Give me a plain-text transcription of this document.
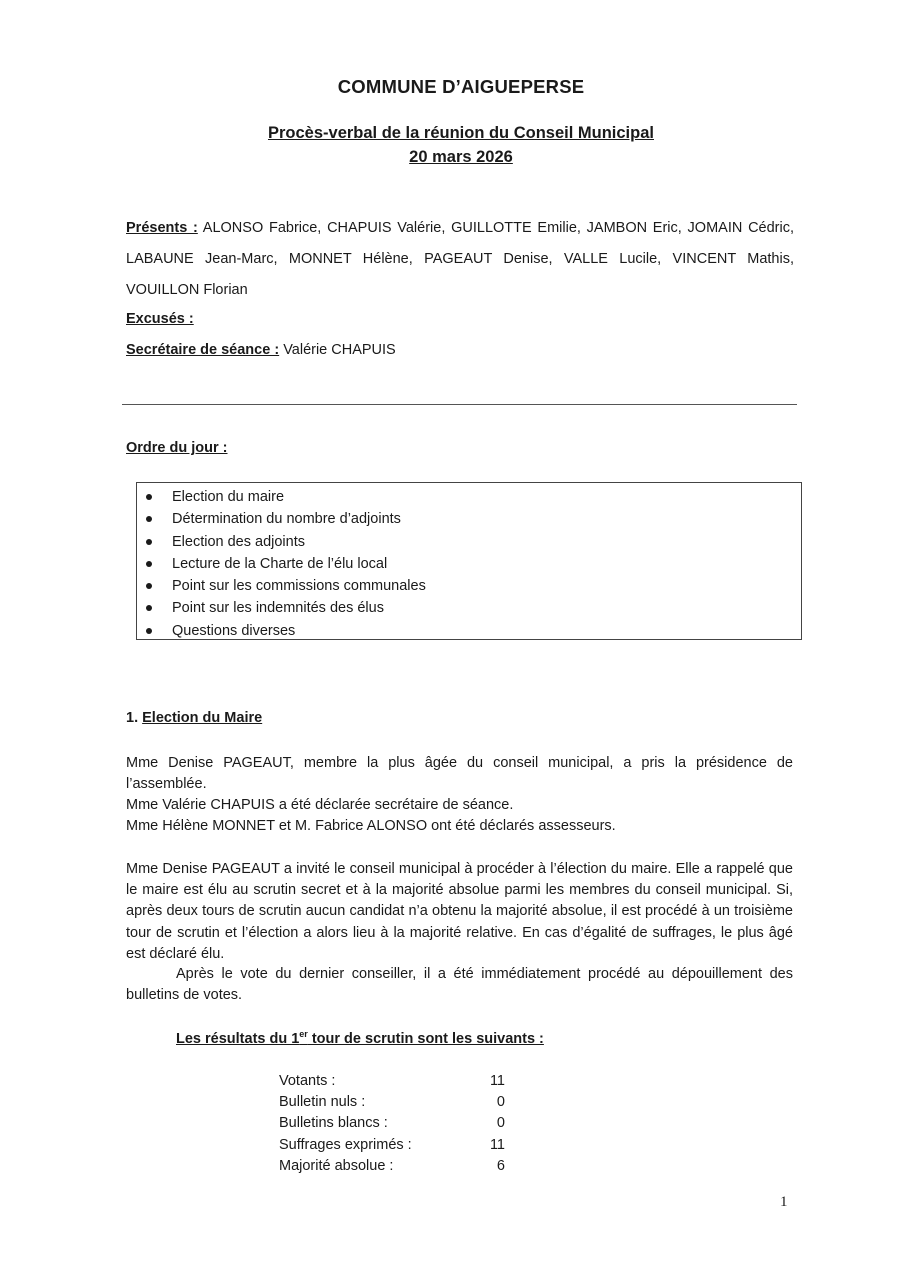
COMMUNE D’AIGUEPERSE
Procès-verbal de la réunion du Conseil Municipal
20 mars 2026
Présents : ALONSO Fabrice, CHAPUIS Valérie, GUILLOTTE Emilie, JAMBON Eric, JOMAIN Cédric, LABAUNE Jean-Marc, MONNET Hélène, PAGEAUT Denise, VALLE Lucile, VINCENT Mathis, VOUILLON Florian
Excusés :
Secrétaire de séance : Valérie CHAPUIS
Ordre du jour :
Election du maire
Détermination du nombre d’adjoints
Election des adjoints
Lecture de la Charte de l’élu local
Point sur les commissions communales
Point sur les indemnités des élus
Questions diverses
1. Election du Maire
Mme Denise PAGEAUT, membre la plus âgée du conseil municipal, a pris la présidence de l’assemblée.
Mme Valérie CHAPUIS a été déclarée secrétaire de séance.
Mme Hélène MONNET et M. Fabrice ALONSO ont été déclarés assesseurs.
Mme Denise PAGEAUT a invité le conseil municipal à procéder à l’élection du maire. Elle a rappelé que le maire est élu au scrutin secret et à la majorité absolue parmi les membres du conseil municipal. Si, après deux tours de scrutin aucun candidat n’a obtenu la majorité absolue, il est procédé à un troisième tour de scrutin et l’élection a alors lieu à la majorité relative. En cas d’égalité de suffrages, le plus âgé est déclaré élu.
Après le vote du dernier conseiller, il a été immédiatement procédé au dépouillement des bulletins de votes.
Les résultats du 1er tour de scrutin sont les suivants :
Votants :	11
Bulletin nuls :	0
Bulletins blancs :	0
Suffrages exprimés :	11
Majorité absolue :	6
1
